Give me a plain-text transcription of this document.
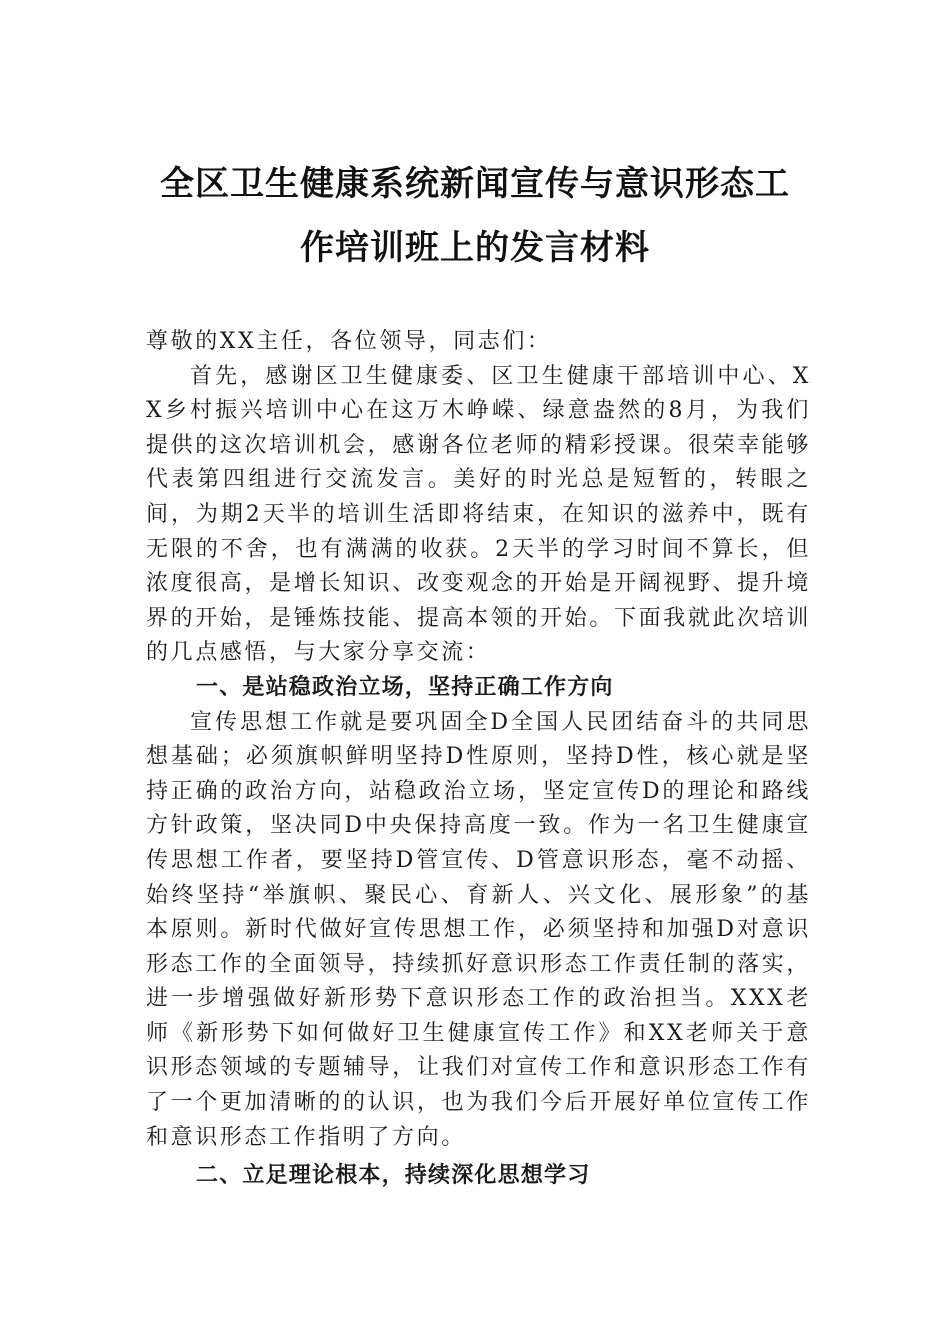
全区卫生健康系统新闻宣传与意识形态工
作培训班上的发言材料

尊敬的XX主任，各位领导，同志们：

首先，感谢区卫生健康委、区卫生健康干部培训中心、XX乡村振兴培训中心在这万木峥嵘、绿意盎然的8月，为我们提供的这次培训机会，感谢各位老师的精彩授课。很荣幸能够代表第四组进行交流发言。美好的时光总是短暂的，转眼之间，为期2天半的培训生活即将结束，在知识的滋养中，既有无限的不舍，也有满满的收获。2天半的学习时间不算长，但浓度很高，是增长知识、改变观念的开始是开阔视野、提升境界的开始，是锤炼技能、提高本领的开始。下面我就此次培训的几点感悟，与大家分享交流：

一、是站稳政治立场，坚持正确工作方向

宣传思想工作就是要巩固全D全国人民团结奋斗的共同思想基础；必须旗帜鲜明坚持D性原则，坚持D性，核心就是坚持正确的政治方向，站稳政治立场，坚定宣传D的理论和路线方针政策，坚决同D中央保持高度一致。作为一名卫生健康宣传思想工作者，要坚持D管宣传、D管意识形态，毫不动摇、始终坚持“举旗帜、聚民心、育新人、兴文化、展形象”的基本原则。新时代做好宣传思想工作，必须坚持和加强D对意识形态工作的全面领导，持续抓好意识形态工作责任制的落实，进一步增强做好新形势下意识形态工作的政治担当。XXX老师《新形势下如何做好卫生健康宣传工作》和XX老师关于意识形态领域的专题辅导，让我们对宣传工作和意识形态工作有了一个更加清晰的的认识，也为我们今后开展好单位宣传工作和意识形态工作指明了方向。

二、立足理论根本，持续深化思想学习
